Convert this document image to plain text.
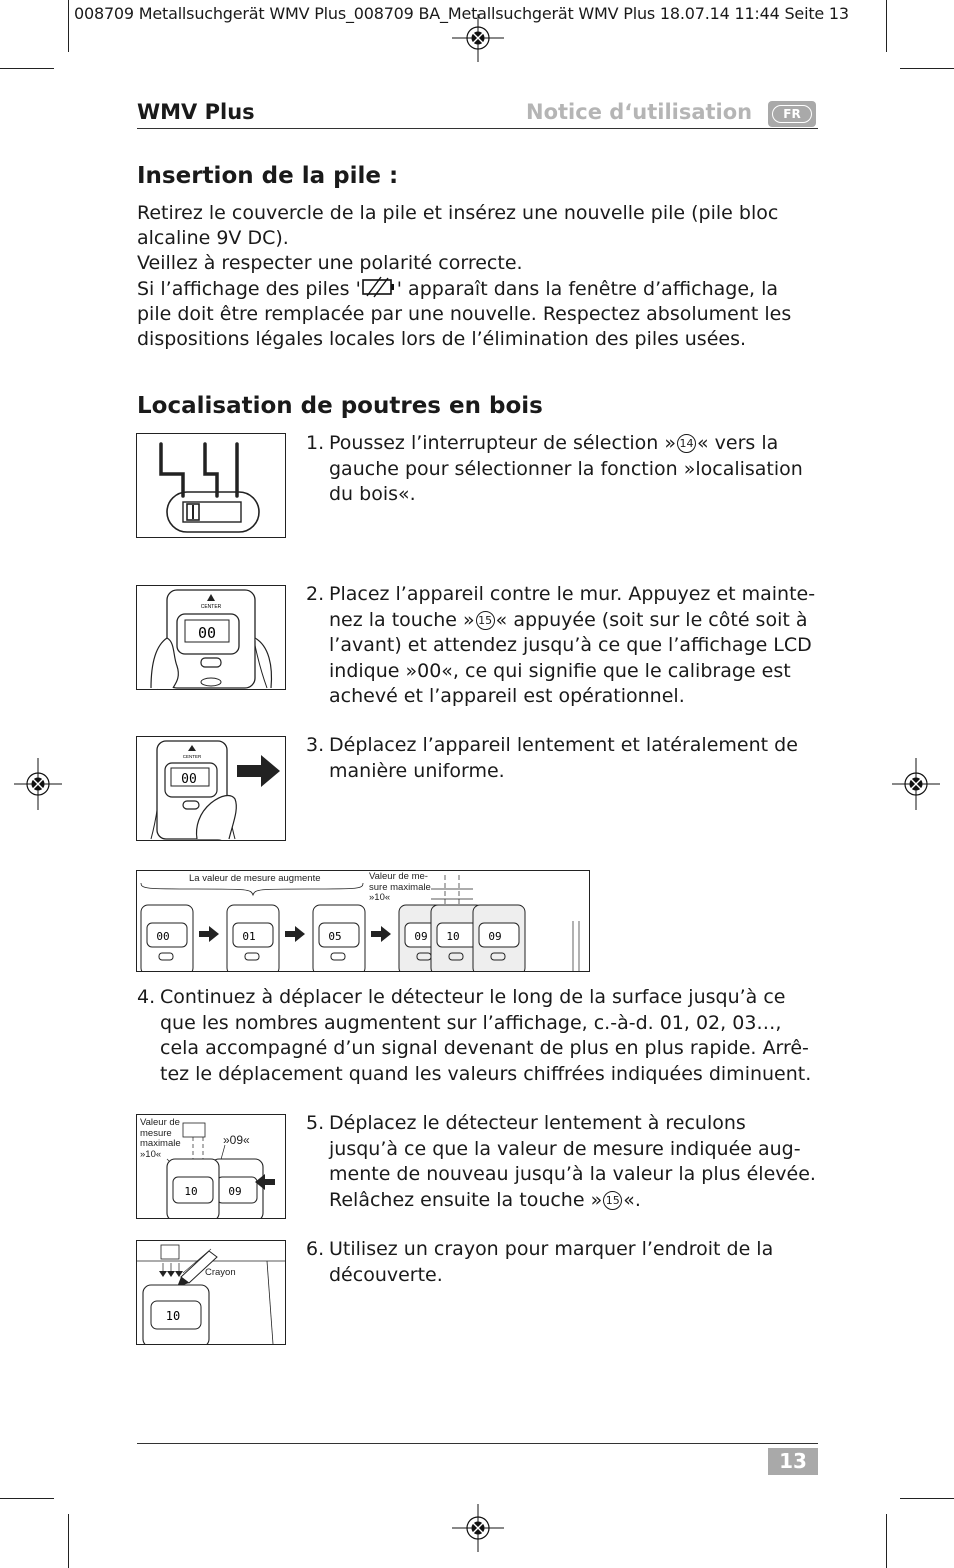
008709 Metallsuchgerät WMV Plus_008709 BA_Metallsuchgerät WMV Plus 18.07.14 11:44 Seite 13
WMV Plus	Notice d‘utilisation	FR
Insertion de la pile :
Retirez le couvercle de la pile et insérez une nouvelle pile (pile bloc
alcaline 9V DC).
Veillez à respecter une polarité correcte.
Si l’affichage des piles ' ' apparaît dans la fenêtre d’affichage, la
pile doit être remplacée par une nouvelle. Respectez absolument les
dispositions légales locales lors de l’élimination des piles usées.
Localisation de poutres en bois
1. Poussez l’interrupteur de sélection » 14 « vers la
gauche pour sélectionner la fonction »localisation
du bois«.
CENTER
00
2. Placez l’appareil contre le mur. Appuyez et mainte-
nez la touche » 15 « appuyée (soit sur le côté soit à
l’avant) et attendez jusqu’à ce que l’affichage LCD
indique »00«, ce qui signifie que le calibrage est
achevé et l’appareil est opérationnel.
CENTER
00
3. Déplacez l’appareil lentement et latéralement de
manière uniforme.
La valeur de mesure augmente	Valeur de me-
sure maximale
»10«
00	01	05	09 10	09
4. Continuez à déplacer le détecteur le long de la surface jusqu’à ce
que les nombres augmentent sur l’affichage, c.-à-d. 01, 02, 03…,
cela accompagné d’un signal devenant de plus en plus rapide. Arrê-
tez le déplacement quand les valeurs chiffrées indiquées diminuent.
Valeur de
mesure
maximale
»10«
»09«
09
10
5. Déplacez le détecteur lentement à reculons
jusqu’à ce que la valeur de mesure indiquée aug-
mente de nouveau jusqu’à la valeur la plus élevée.
Relâchez ensuite la touche » 15 «.
Crayon
10
6. Utilisez un crayon pour marquer l’endroit de la
découverte.
13
